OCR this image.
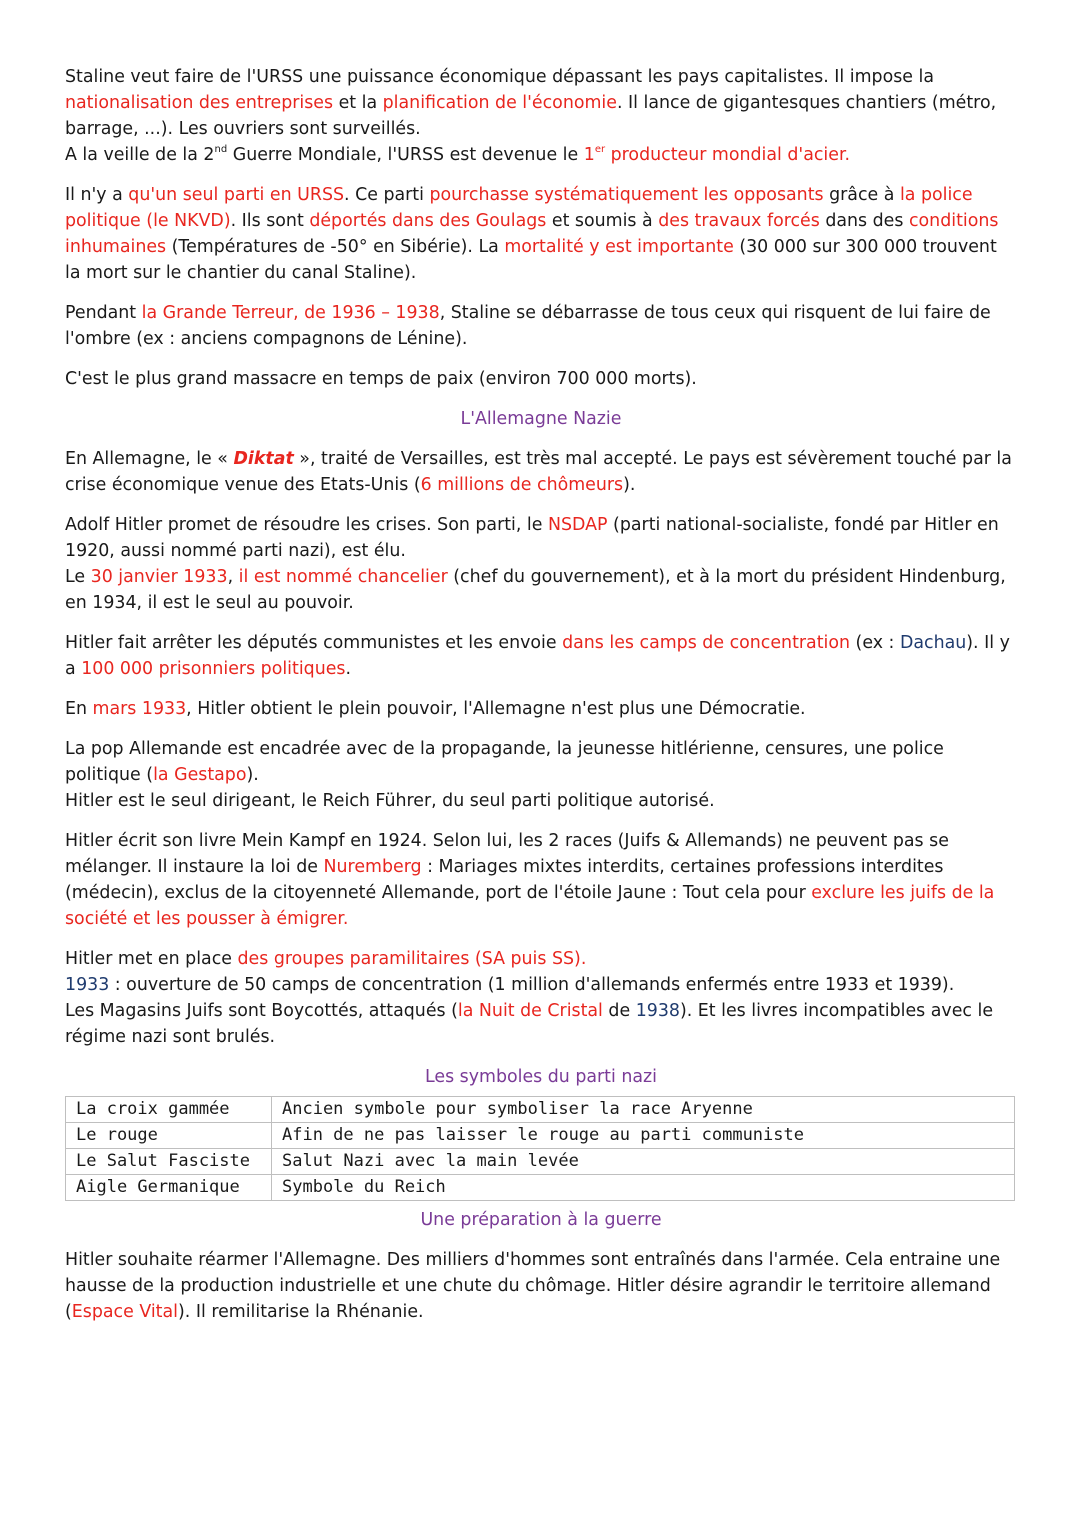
Staline veut faire de l'URSS une puissance économique dépassant les pays capitalistes. Il impose la nationalisation des entreprises et la planification de l'économie. Il lance de gigantesques chantiers (métro, barrage, ...). Les ouvriers sont surveillés.
A la veille de la 2nd Guerre Mondiale, l'URSS est devenue le 1er producteur mondial d'acier.

Il n'y a qu'un seul parti en URSS. Ce parti pourchasse systématiquement les opposants grâce à la police politique (le NKVD). Ils sont déportés dans des Goulags et soumis à des travaux forcés dans des conditions inhumaines (Températures de -50° en Sibérie). La mortalité y est importante (30 000 sur 300 000 trouvent la mort sur le chantier du canal Staline).

Pendant la Grande Terreur, de 1936 – 1938, Staline se débarrasse de tous ceux qui risquent de lui faire de l'ombre (ex : anciens compagnons de Lénine).

C'est le plus grand massacre en temps de paix (environ 700 000 morts).

L'Allemagne Nazie

En Allemagne, le « Diktat », traité de Versailles, est très mal accepté. Le pays est sévèrement touché par la crise économique venue des Etats-Unis (6 millions de chômeurs).

Adolf Hitler promet de résoudre les crises. Son parti, le NSDAP (parti national-socialiste, fondé par Hitler en 1920, aussi nommé parti nazi), est élu.
Le 30 janvier 1933, il est nommé chancelier (chef du gouvernement), et à la mort du président Hindenburg, en 1934, il est le seul au pouvoir.

Hitler fait arrêter les députés communistes et les envoie dans les camps de concentration (ex : Dachau). Il y a 100 000 prisonniers politiques.

En mars 1933, Hitler obtient le plein pouvoir, l'Allemagne n'est plus une Démocratie.

La pop Allemande est encadrée avec de la propagande, la jeunesse hitlérienne, censures, une police politique (la Gestapo).
Hitler est le seul dirigeant, le Reich Führer, du seul parti politique autorisé.

Hitler écrit son livre Mein Kampf en 1924. Selon lui, les 2 races (Juifs & Allemands) ne peuvent pas se mélanger. Il instaure la loi de Nuremberg : Mariages mixtes interdits, certaines professions interdites (médecin), exclus de la citoyenneté Allemande, port de l'étoile Jaune : Tout cela pour exclure les juifs de la société et les pousser à émigrer.

Hitler met en place des groupes paramilitaires (SA puis SS).
1933 : ouverture de 50 camps de concentration (1 million d'allemands enfermés entre 1933 et 1939).
Les Magasins Juifs sont Boycottés, attaqués (la Nuit de Cristal de 1938). Et les livres incompatibles avec le régime nazi sont brulés.

Les symboles du parti nazi
La croix gammée	Ancien symbole pour symboliser la race Aryenne
Le rouge	Afin de ne pas laisser le rouge au parti communiste
Le Salut Fasciste	Salut Nazi avec la main levée
Aigle Germanique	Symbole du Reich
Une préparation à la guerre

Hitler souhaite réarmer l'Allemagne. Des milliers d'hommes sont entraînés dans l'armée. Cela entraine une hausse de la production industrielle et une chute du chômage. Hitler désire agrandir le territoire allemand (Espace Vital). Il remilitarise la Rhénanie.
